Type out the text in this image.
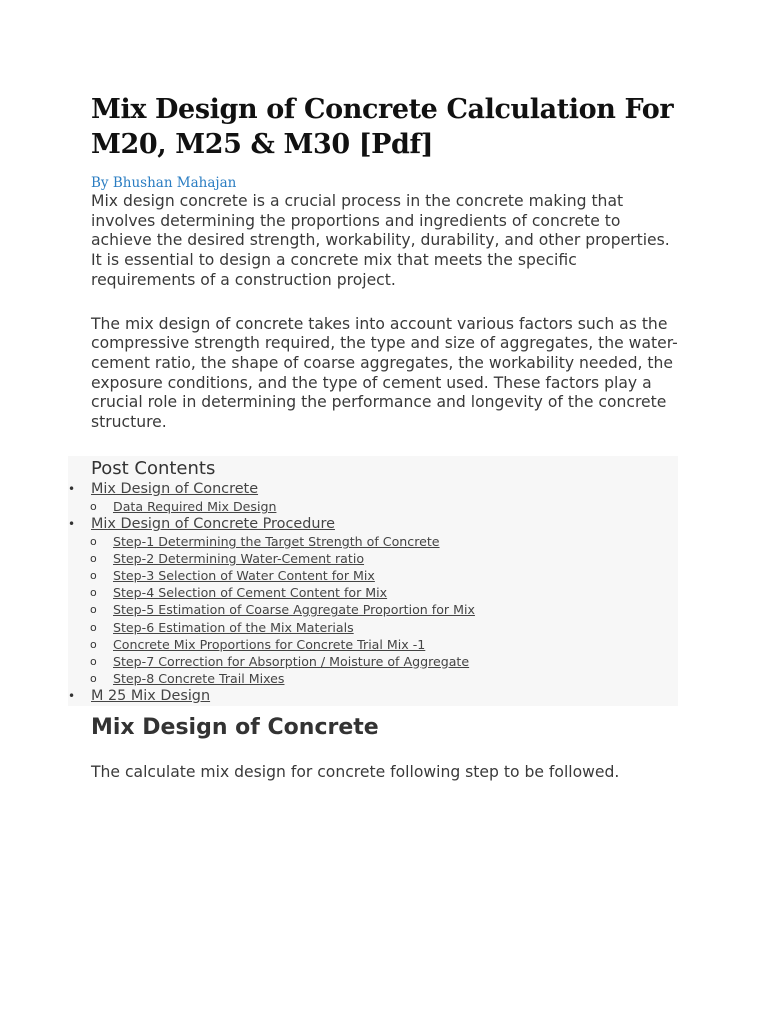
Mix Design of Concrete Calculation For M20, M25 & M30 [Pdf]
By Bhushan Mahajan

Mix design concrete is a crucial process in the concrete making that involves determining the proportions and ingredients of concrete to achieve the desired strength, workability, durability, and other properties. It is essential to design a concrete mix that meets the specific requirements of a construction project.

The mix design of concrete takes into account various factors such as the compressive strength required, the type and size of aggregates, the water-cement ratio, the shape of coarse aggregates, the workability needed, the exposure conditions, and the type of cement used. These factors play a crucial role in determining the performance and longevity of the concrete structure.

Post Contents
• Mix Design of Concrete
o Data Required Mix Design
• Mix Design of Concrete Procedure
o Step-1 Determining the Target Strength of Concrete
o Step-2 Determining Water-Cement ratio
o Step-3 Selection of Water Content for Mix
o Step-4 Selection of Cement Content for Mix
o Step-5 Estimation of Coarse Aggregate Proportion for Mix
o Step-6 Estimation of the Mix Materials
o Concrete Mix Proportions for Concrete Trial Mix -1
o Step-7 Correction for Absorption / Moisture of Aggregate
o Step-8 Concrete Trail Mixes
• M 25 Mix Design
Mix Design of Concrete

The calculate mix design for concrete following step to be followed.
